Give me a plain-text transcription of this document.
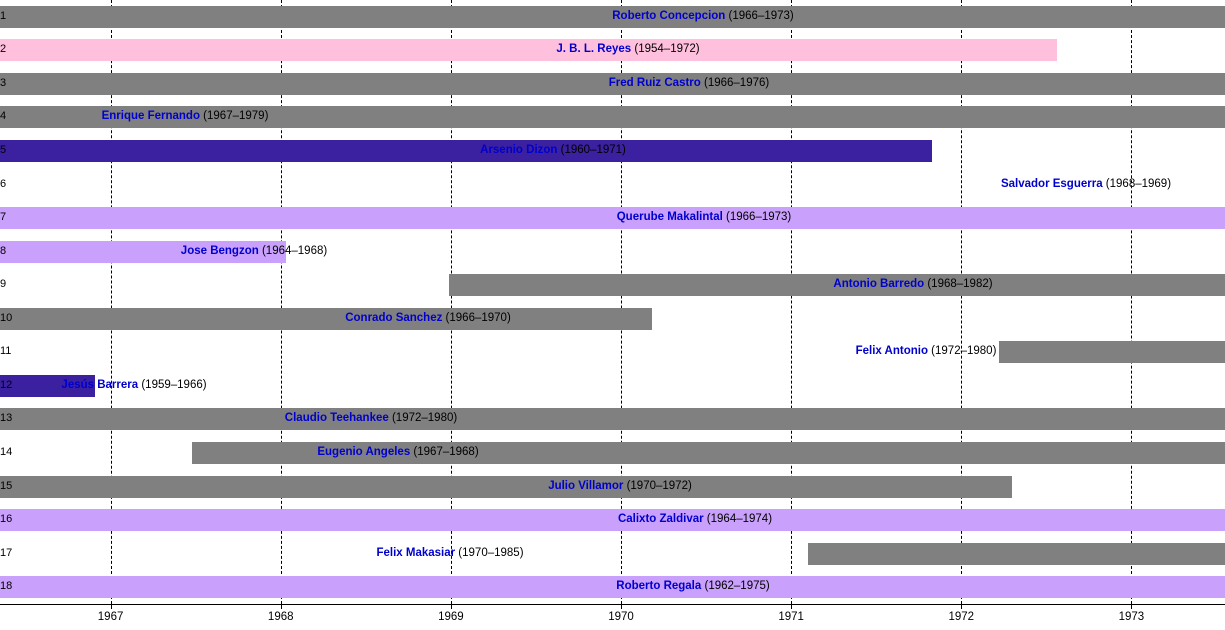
1	Roberto Concepcion (1966–1973)
2	J. B. L. Reyes (1954–1972)
3	Fred Ruiz Castro (1966–1976)
4	Enrique Fernando (1967–1979)
5	Arsenio Dizon (1960–1971)
6	Salvador Esguerra (1968–1969)
7	Querube Makalintal (1966–1973)
8	Jose Bengzon (1964–1968)
9	Antonio Barredo (1968–1982)
10	Conrado Sanchez (1966–1970)
11	Felix Antonio (1972–1980)
12	Jesús Barrera (1959–1966)
13	Claudio Teehankee (1972–1980)
14	Eugenio Angeles (1967–1968)
15	Julio Villamor (1970–1972)
16	Calixto Zaldivar (1964–1974)
17	Felix Makasiar (1970–1985)
18	Roberto Regala (1962–1975)
1967	1968	1969	1970	1971	1972	1973
